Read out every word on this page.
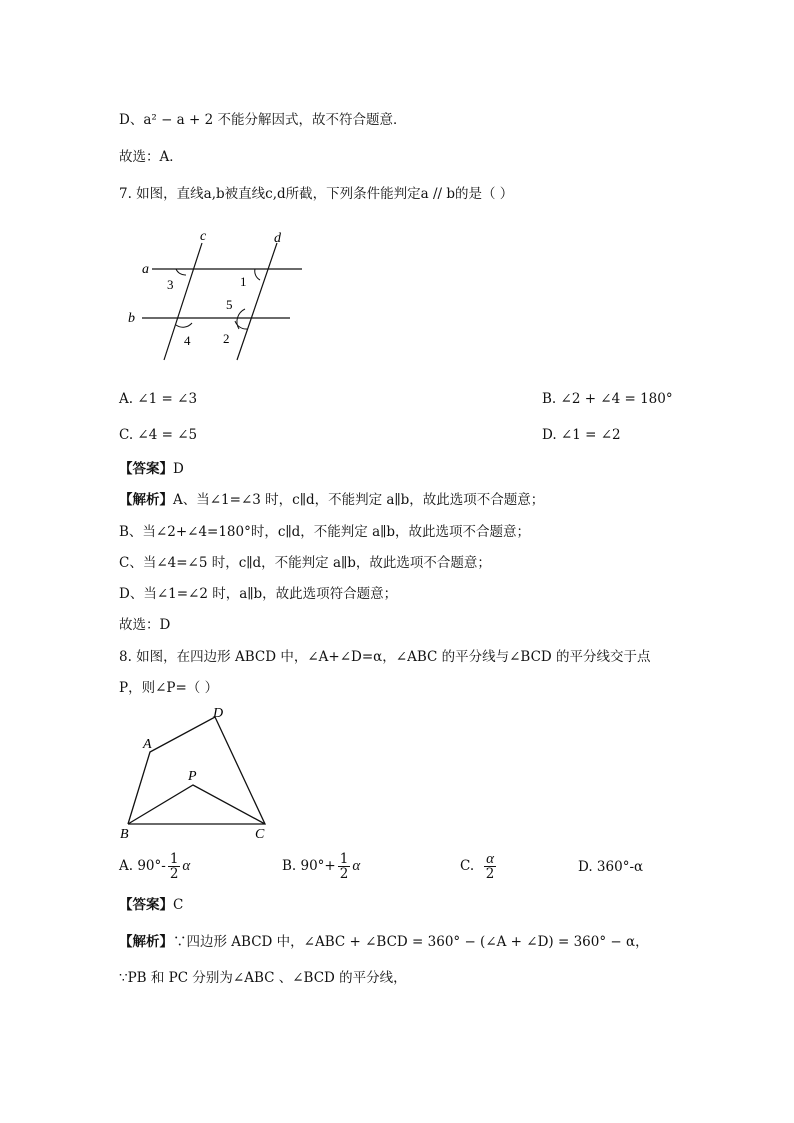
D、a² − a + 2 不能分解因式，故不符合题意．
故选：A．
7. 如图，直线a,b被直线c,d所截，下列条件能判定a // b的是（ ）
c	d
a
b
1
2
3
4
5
A. ∠1 = ∠3	B. ∠2 + ∠4 = 180°
C. ∠4 = ∠5	D. ∠1 = ∠2
【答案】D
【解析】A、当∠1=∠3 时，c∥d，不能判定 a∥b，故此选项不合题意；
B、当∠2+∠4=180°时，c∥d，不能判定 a∥b，故此选项不合题意；
C、当∠4=∠5 时，c∥d，不能判定 a∥b，故此选项不合题意；
D、当∠1=∠2 时，a∥b，故此选项符合题意；
故选：D
8. 如图，在四边形 ABCD 中，∠A+∠D=α，∠ABC 的平分线与∠BCD 的平分线交于点
P，则∠P=（ ）
A
D
P
B	C
A. $90^\circ- \frac{1}{2}$ α	B. $90^\circ+ \frac{1}{2}$ α	C. $\frac{\alpha}{2}$	D. 360°-α
【答案】C
【解析】∵四边形 ABCD 中，∠ABC + ∠BCD = 360° − (∠A + ∠D) = 360° − α，
∵PB 和 PC 分别为∠ABC 、∠BCD 的平分线，
